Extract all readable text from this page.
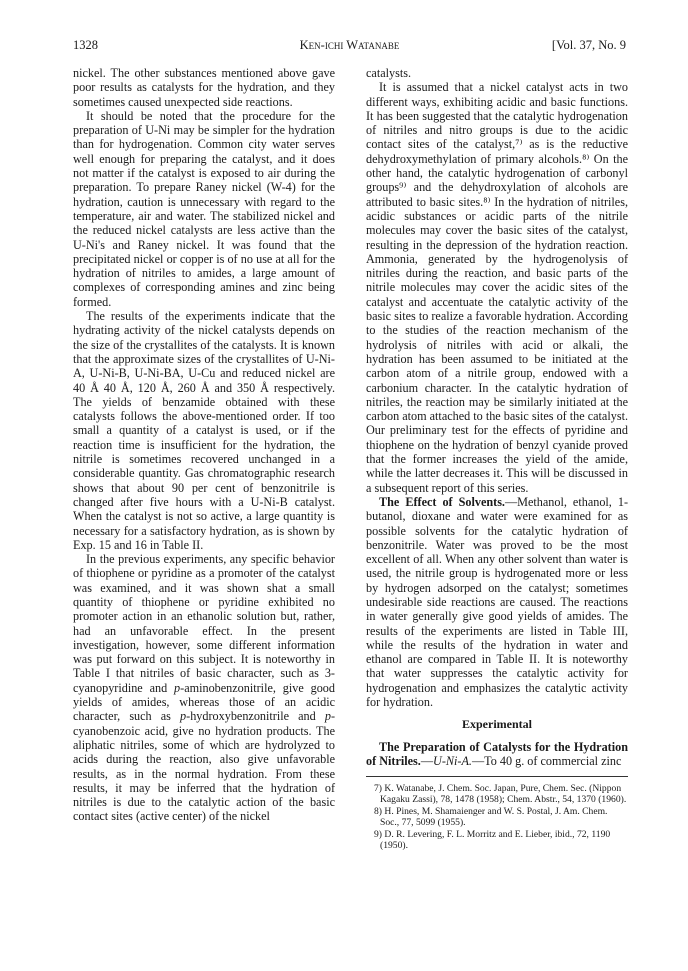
1328	Ken-ichi Watanabe	[Vol. 37, No. 9

nickel. The other substances mentioned above gave poor results as catalysts for the hydration, and they sometimes caused unexpected side reactions.

It should be noted that the procedure for the preparation of U-Ni may be simpler for the hydration than for hydrogenation. Common city water serves well enough for preparing the catalyst, and it does not matter if the catalyst is exposed to air during the preparation. To prepare Raney nickel (W-4) for the hydration, caution is unnecessary with regard to the temperature, air and water. The stabilized nickel and the reduced nickel catalysts are less active than the U-Ni's and Raney nickel. It was found that the precipitated nickel or copper is of no use at all for the hydration of nitriles to amides, a large amount of complexes of corresponding amines and zinc being formed.

The results of the experiments indicate that the hydrating activity of the nickel catalysts depends on the size of the crystallites of the catalysts. It is known that the approximate sizes of the crystallites of U-Ni-A, U-Ni-B, U-Ni-BA, U-Cu and reduced nickel are 40 Å 40 Å, 120 Å, 260 Å and 350 Å respectively. The yields of benzamide obtained with these catalysts follows the above-mentioned order. If too small a quantity of a catalyst is used, or if the reaction time is insufficient for the hydration, the nitrile is sometimes recovered unchanged in a considerable quantity. Gas chromatographic research shows that about 90 per cent of benzonitrile is changed after five hours with a U-Ni-B catalyst. When the catalyst is not so active, a large quantity is necessary for a satisfactory hydration, as is shown by Exp. 15 and 16 in Table II.

In the previous experiments, any specific behavior of thiophene or pyridine as a promoter of the catalyst was examined, and it was shown shat a small quantity of thiophene or pyridine exhibited no promoter action in an ethanolic solution but, rather, had an unfavorable effect. In the present investigation, however, some different information was put forward on this subject. It is noteworthy in Table I that nitriles of basic character, such as 3-cyanopyridine and p-aminobenzonitrile, give good yields of amides, whereas those of an acidic character, such as p-hydroxybenzonitrile and p-cyanobenzoic acid, give no hydration products. The aliphatic nitriles, some of which are hydrolyzed to acids during the reaction, also give unfavorable results, as in the normal hydration. From these results, it may be inferred that the hydration of nitriles is due to the catalytic action of the basic contact sites (active center) of the nickel

catalysts.

It is assumed that a nickel catalyst acts in two different ways, exhibiting acidic and basic functions. It has been suggested that the catalytic hydrogenation of nitriles and nitro groups is due to the acidic contact sites of the catalyst,⁷⁾ as is the reductive dehydroxymethylation of primary alcohols.⁸⁾ On the other hand, the catalytic hydrogenation of carbonyl groups⁹⁾ and the dehydroxylation of alcohols are attributed to basic sites.⁸⁾ In the hydration of nitriles, acidic substances or acidic parts of the nitrile molecules may cover the basic sites of the catalyst, resulting in the depression of the hydration reaction. Ammonia, generated by the hydrogenolysis of nitriles during the reaction, and basic parts of the nitrile molecules may cover the acidic sites of the catalyst and accentuate the catalytic activity of the basic sites to realize a favorable hydration. According to the studies of the reaction mechanism of the hydrolysis of nitriles with acid or alkali, the hydration has been assumed to be initiated at the carbon atom of a nitrile group, endowed with a carbonium character. In the catalytic hydration of nitriles, the reaction may be similarly initiated at the carbon atom attached to the basic sites of the catalyst. Our preliminary test for the effects of pyridine and thiophene on the hydration of benzyl cyanide proved that the former increases the yield of the amide, while the latter decreases it. This will be discussed in a subsequent report of this series.

The Effect of Solvents.—Methanol, ethanol, 1-butanol, dioxane and water were examined for as possible solvents for the catalytic hydration of benzonitrile. Water was proved to be the most excellent of all. When any other solvent than water is used, the nitrile group is hydrogenated more or less by hydrogen adsorped on the catalyst; sometimes undesirable side reactions are caused. The reactions in water generally give good yields of amides. The results of the experiments are listed in Table III, while the results of the hydration in water and ethanol are compared in Table II. It is noteworthy that water suppresses the catalytic activity for hydrogenation and emphasizes the catalytic activity for hydration.

Experimental

The Preparation of Catalysts for the Hydration of Nitriles.—U-Ni-A.—To 40 g. of commercial zinc

7) K. Watanabe, J. Chem. Soc. Japan, Pure, Chem. Sec. (Nippon Kagaku Zassi), 78, 1478 (1958); Chem. Abstr., 54, 1370 (1960).

8) H. Pines, M. Shamaienger and W. S. Postal, J. Am. Chem. Soc., 77, 5099 (1955).

9) D. R. Levering, F. L. Morritz and E. Lieber, ibid., 72, 1190 (1950).
